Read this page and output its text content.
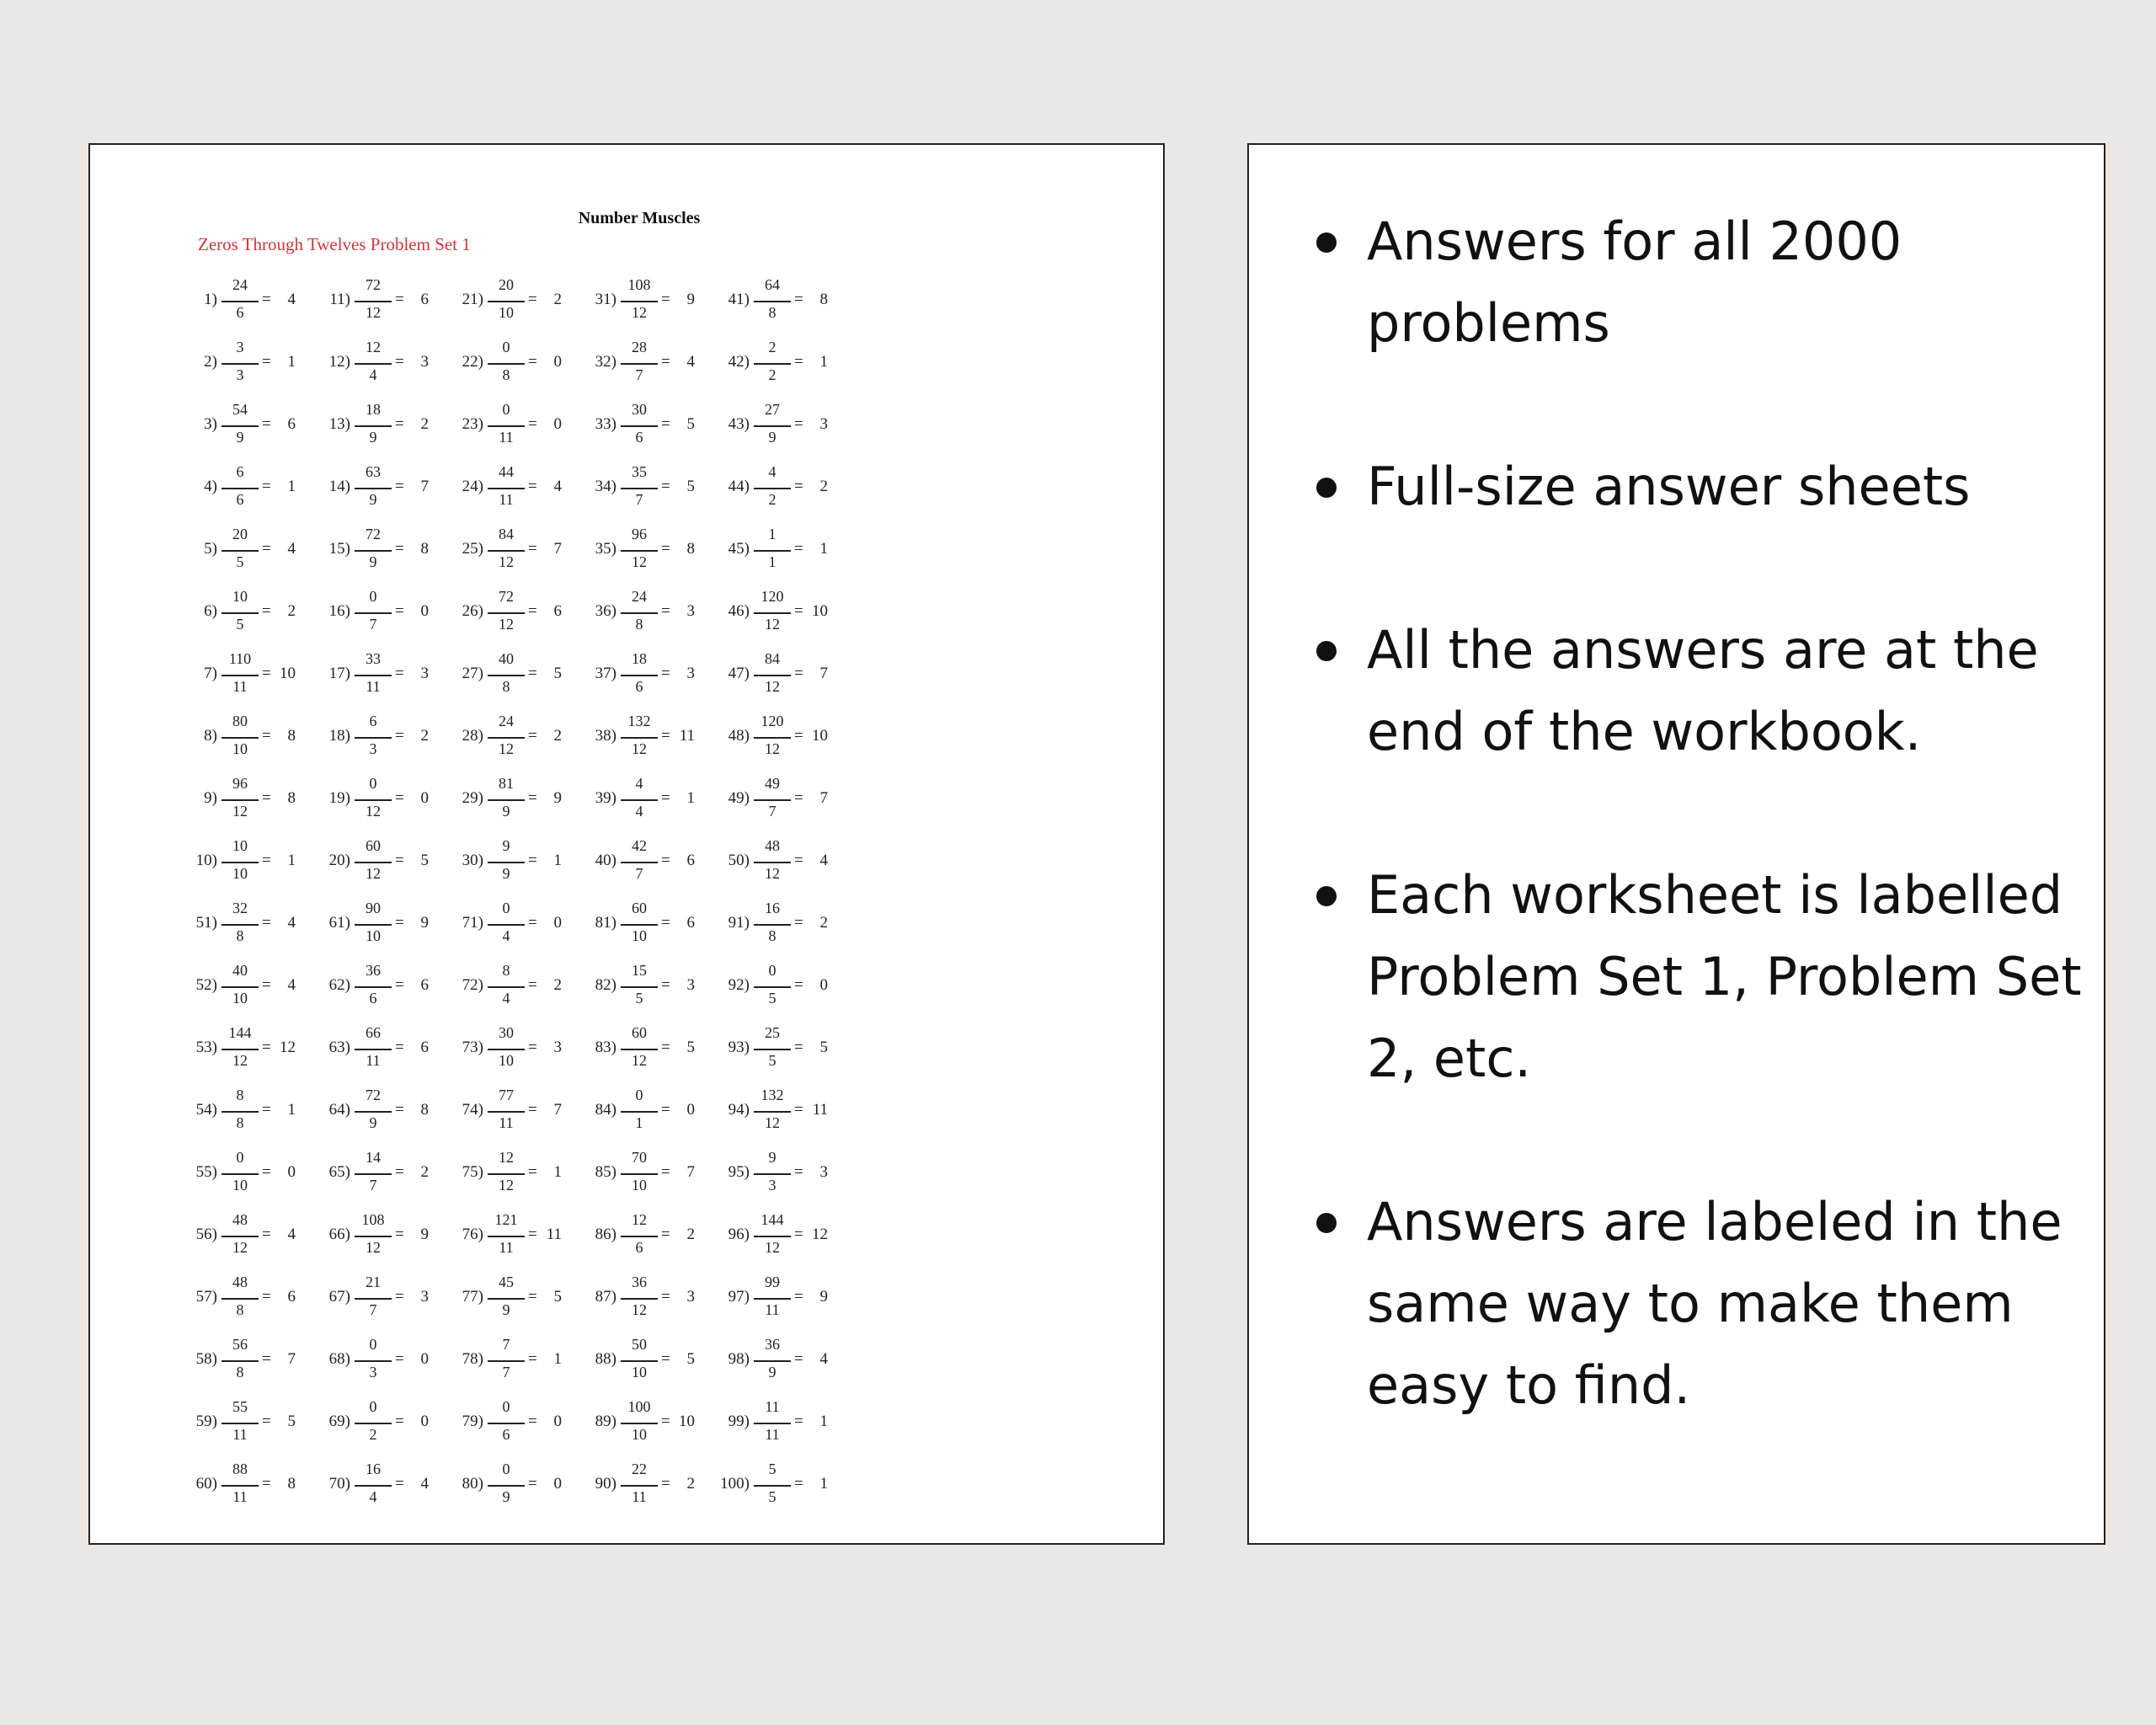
Number Muscles

Zeros Through Twelves Problem Set 1

1)
24
6
=	4
2)
3
3
=	1
3)
54
9
=	6
4)
6
6
=	1
5)
20
5
=	4
6)
10
5
=	2
7)
110
11
= 10
8)
80
10
=	8
9)
96
12
=	8
10)
10
10
=	1
51)
32
8
=	4
52)
40
10
=	4
53)
144
12
= 12
54)
8
8
=	1
55)
0
10
=	0
56)
48
12
=	4
57)
48
8
=	6
58)
56
8
=	7
59)
55
11
=	5
60)
88
11
=	8
11)
72
12
=	6
12)
12
4
=	3
13)
18
9
=	2
14)
63
9
=	7
15)
72
9
=	8
16)
0
7
=	0
17)
33
11
=	3
18)
6
3
=	2
19)
0
12
=	0
20)
60
12
=	5
61)
90
10
=	9
62)
36
6
=	6
63)
66
11
=	6
64)
72
9
=	8
65)
14
7
=	2
66)
108
12
=	9
67)
21
7
=	3
68)
0
3
=	0
69)
0
2
=	0
70)
16
4
=	4
21)
20
10
=	2
22)
0
8
=	0
23)
0
11
=	0
24)
44
11
=	4
25)
84
12
=	7
26)
72
12
=	6
27)
40
8
=	5
28)
24
12
=	2
29)
81
9
=	9
30)
9
9
=	1
71)
0
4
=	0
72)
8
4
=	2
73)
30
10
=	3
74)
77
11
=	7
75)
12
12
=	1
76)
121
11
= 11
77)
45
9
=	5
78)
7
7
=	1
79)
0
6
=	0
80)
0
9
=	0
31)
108
12
=	9
32)
28
7
=	4
33)
30
6
=	5
34)
35
7
=	5
35)
96
12
=	8
36)
24
8
=	3
37)
18
6
=	3
38)
132
12
= 11
39)
4
4
=	1
40)
42
7
=	6
81)
60
10
=	6
82)
15
5
=	3
83)
60
12
=	5
84)
0
1
=	0
85)
70
10
=	7
86)
12
6
=	2
87)
36
12
=	3
88)
50
10
=	5
89)
100
10
= 10
90)
22
11
=	2
41)
64
8
=	8
42)
2
2
=	1
43)
27
9
=	3
44)
4
2
=	2
45)
1
1
=	1
46)
120
12
= 10
47)
84
12
=	7
48)
120
12
= 10
49)
49
7
=	7
50)
48
12
=	4
91)
16
8
=	2
92)
0
5
=	0
93)
25
5
=	5
94)
132
12
= 11
95)
9
3
=	3
96)
144
12
= 12
97)
99
11
=	9
98)
36
9
=	4
99)
11
11
=	1
100)
5
5
=	1
Answers for all 2000 problems
Full-size answer sheets
All the answers are at the end of the workbook.
Each worksheet is labelled Problem Set 1, Problem Set 2, etc.
Answers are labeled in the same way to make them easy to find.
